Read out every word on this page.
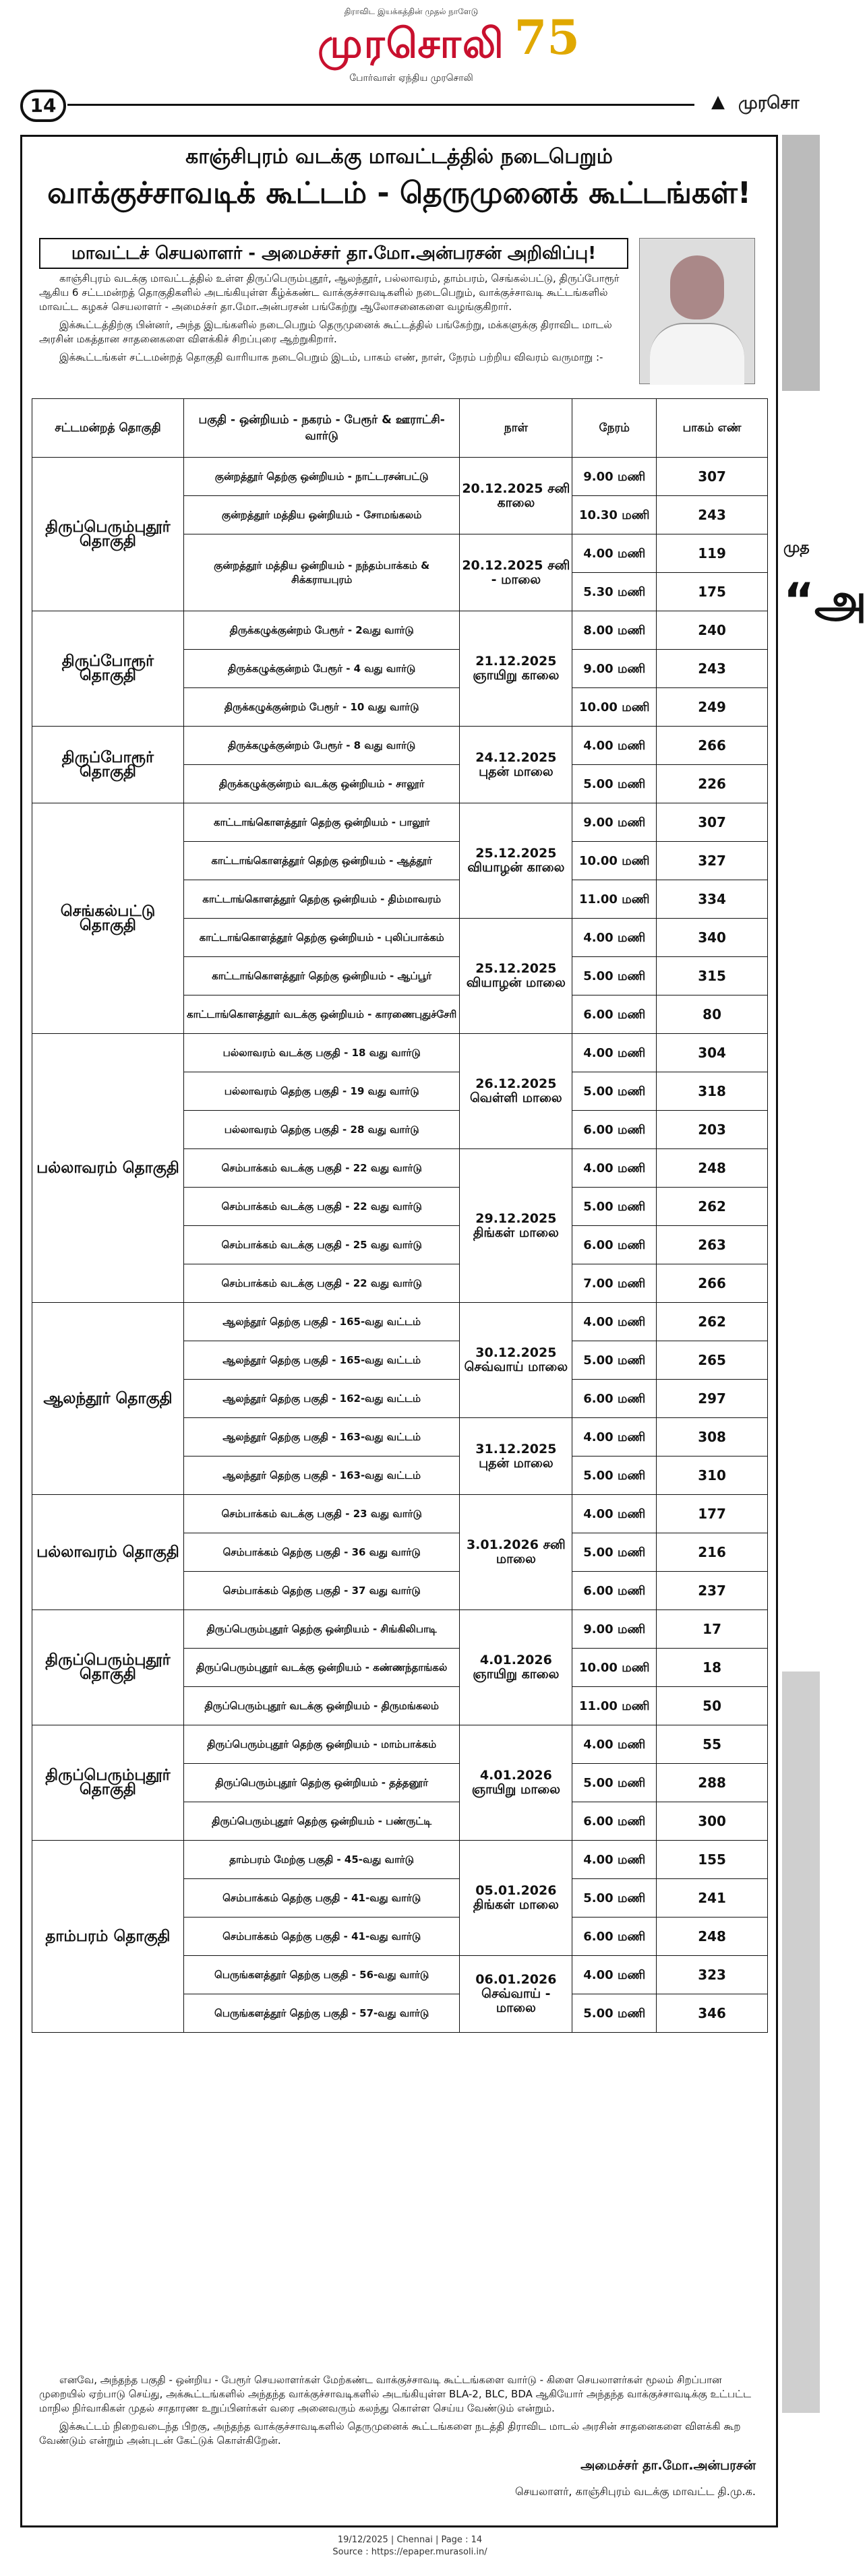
திராவிட இயக்கத்தின் முதல் நாளேடு
முரசொலி
போர்வாள் ஏந்திய முரசொலி
75
14	▲ முரசொ
காஞ்சிபுரம் வடக்கு மாவட்டத்தில் நடைபெறும்
வாக்குச்சாவடிக் கூட்டம் - தெருமுனைக் கூட்டங்கள்!
மாவட்டச் செயலாளர் - அமைச்சர் தா.மோ.அன்பரசன் அறிவிப்பு!

காஞ்சிபுரம் வடக்கு மாவட்டத்தில் உள்ள திருப்பெரும்புதூர், ஆலந்தூர், பல்லாவரம், தாம்பரம், செங்கல்பட்டு, திருப்போரூர் ஆகிய 6 சட்டமன்றத் தொகுதிகளில் அடங்கியுள்ள கீழ்க்கண்ட வாக்குச்சாவடிகளில் நடைபெறும், வாக்குச்சாவடி கூட்டங்களில் மாவட்ட கழகச் செயலாளர் - அமைச்சர் தா.மோ.அன்பரசன் பங்கேற்று ஆலோசனைகளை வழங்குகிறார்.

இக்கூட்டத்திற்கு பின்னர், அந்த இடங்களில் நடைபெறும் தெருமுனைக் கூட்டத்தில் பங்கேற்று, மக்களுக்கு திராவிட மாடல் அரசின் மகத்தான சாதனைகளை விளக்கிச் சிறப்புரை ஆற்றுகிறார்.

இக்கூட்டங்கள் சட்டமன்றத் தொகுதி வாரியாக நடைபெறும் இடம், பாகம் எண், நாள், நேரம் பற்றிய விவரம் வருமாறு :-

சட்டமன்றத் தொகுதி	பகுதி - ஒன்றியம் - நகரம் - பேரூர் & ஊராட்சி-வார்டு	நாள்	நேரம்	பாகம் எண்
திருப்பெரும்புதூர் தொகுதி	குன்றத்தூர் தெற்கு ஒன்றியம் - நாட்டரசன்பட்டு	20.12.2025 சனி காலை	9.00 மணி	307
	குன்றத்தூர் மத்திய ஒன்றியம் - சோமங்கலம்		10.30 மணி	243
	குன்றத்தூர் மத்திய ஒன்றியம் - நந்தம்பாக்கம் & சிக்கராயபுரம்	20.12.2025 சனி - மாலை	4.00 மணி	119
			5.30 மணி	175
திருப்போரூர் தொகுதி	திருக்கழுக்குன்றம் பேரூர் - 2வது வார்டு	21.12.2025 ஞாயிறு காலை	8.00 மணி	240
	திருக்கழுக்குன்றம் பேரூர் - 4 வது வார்டு		9.00 மணி	243
	திருக்கழுக்குன்றம் பேரூர் - 10 வது வார்டு		10.00 மணி	249
திருப்போரூர் தொகுதி	திருக்கழுக்குன்றம் பேரூர் - 8 வது வார்டு	24.12.2025 புதன் மாலை	4.00 மணி	266
	திருக்கழுக்குன்றம் வடக்கு ஒன்றியம் - சாலூர்		5.00 மணி	226
செங்கல்பட்டு தொகுதி	காட்டாங்கொளத்தூர் தெற்கு ஒன்றியம் - பாலூர்	25.12.2025 வியாழன் காலை	9.00 மணி	307
	காட்டாங்கொளத்தூர் தெற்கு ஒன்றியம் - ஆத்தூர்		10.00 மணி	327
	காட்டாங்கொளத்தூர் தெற்கு ஒன்றியம் - திம்மாவரம்		11.00 மணி	334
	காட்டாங்கொளத்தூர் தெற்கு ஒன்றியம் - புலிப்பாக்கம்	25.12.2025 வியாழன் மாலை	4.00 மணி	340
	காட்டாங்கொளத்தூர் தெற்கு ஒன்றியம் - ஆப்பூர்		5.00 மணி	315
	காட்டாங்கொளத்தூர் வடக்கு ஒன்றியம் - காரணைபுதுச்சேரி		6.00 மணி	80
பல்லாவரம் தொகுதி	பல்லாவரம் வடக்கு பகுதி - 18 வது வார்டு	26.12.2025 வெள்ளி மாலை	4.00 மணி	304
	பல்லாவரம் தெற்கு பகுதி - 19 வது வார்டு		5.00 மணி	318
	பல்லாவரம் தெற்கு பகுதி - 28 வது வார்டு		6.00 மணி	203
	செம்பாக்கம் வடக்கு பகுதி - 22 வது வார்டு	29.12.2025 திங்கள் மாலை	4.00 மணி	248
	செம்பாக்கம் வடக்கு பகுதி - 22 வது வார்டு		5.00 மணி	262
	செம்பாக்கம் வடக்கு பகுதி - 25 வது வார்டு		6.00 மணி	263
	செம்பாக்கம் வடக்கு பகுதி - 22 வது வார்டு		7.00 மணி	266
ஆலந்தூர் தொகுதி	ஆலந்தூர் தெற்கு பகுதி - 165-வது வட்டம்	30.12.2025 செவ்வாய் மாலை	4.00 மணி	262
	ஆலந்தூர் தெற்கு பகுதி - 165-வது வட்டம்		5.00 மணி	265
	ஆலந்தூர் தெற்கு பகுதி - 162-வது வட்டம்		6.00 மணி	297
	ஆலந்தூர் தெற்கு பகுதி - 163-வது வட்டம்	31.12.2025 புதன் மாலை	4.00 மணி	308
	ஆலந்தூர் தெற்கு பகுதி - 163-வது வட்டம்		5.00 மணி	310
பல்லாவரம் தொகுதி	செம்பாக்கம் வடக்கு பகுதி - 23 வது வார்டு	3.01.2026 சனி மாலை	4.00 மணி	177
	செம்பாக்கம் தெற்கு பகுதி - 36 வது வார்டு		5.00 மணி	216
	செம்பாக்கம் தெற்கு பகுதி - 37 வது வார்டு		6.00 மணி	237
திருப்பெரும்புதூர் தொகுதி	திருப்பெரும்புதூர் தெற்கு ஒன்றியம் - சிங்கிலிபாடி	4.01.2026 ஞாயிறு காலை	9.00 மணி	17
	திருப்பெரும்புதூர் வடக்கு ஒன்றியம் - கண்ணந்தாங்கல்		10.00 மணி	18
	திருப்பெரும்புதூர் வடக்கு ஒன்றியம் - திருமங்கலம்		11.00 மணி	50
திருப்பெரும்புதூர் தொகுதி	திருப்பெரும்புதூர் தெற்கு ஒன்றியம் - மாம்பாக்கம்	4.01.2026 ஞாயிறு மாலை	4.00 மணி	55
	திருப்பெரும்புதூர் தெற்கு ஒன்றியம் - தத்தனூர்		5.00 மணி	288
	திருப்பெரும்புதூர் தெற்கு ஒன்றியம் - பண்ருட்டி		6.00 மணி	300
தாம்பரம் தொகுதி	தாம்பரம் மேற்கு பகுதி - 45-வது வார்டு	05.01.2026 திங்கள் மாலை	4.00 மணி	155
	செம்பாக்கம் தெற்கு பகுதி - 41-வது வார்டு		5.00 மணி	241
	செம்பாக்கம் தெற்கு பகுதி - 41-வது வார்டு		6.00 மணி	248
	பெருங்களத்தூர் தெற்கு பகுதி - 56-வது வார்டு	06.01.2026 செவ்வாய் - மாலை	4.00 மணி	323
	பெருங்களத்தூர் தெற்கு பகுதி - 57-வது வார்டு		5.00 மணி	346

எனவே, அந்தந்த பகுதி - ஒன்றிய - பேரூர் செயலாளர்கள் மேற்கண்ட வாக்குச்சாவடி கூட்டங்களை வார்டு - கிளை செயலாளர்கள் மூலம் சிறப்பான முறையில் ஏற்பாடு செய்து, அக்கூட்டங்களில் அந்தந்த வாக்குச்சாவடிகளில் அடங்கியுள்ள BLA-2, BLC, BDA ஆகியோர் அந்தந்த வாக்குச்சாவடிக்கு உட்பட்ட மாநில நிர்வாகிகள் முதல் சாதாரண உறுப்பினர்கள் வரை அனைவரும் கலந்து கொள்ள செய்ய வேண்டும் என்றும்.

இக்கூட்டம் நிறைவடைந்த பிறகு, அந்தந்த வாக்குச்சாவடிகளில் தெருமுனைக் கூட்டங்களை நடத்தி திராவிட மாடல் அரசின் சாதனைகளை விளக்கி கூற வேண்டும் என்றும் அன்புடன் கேட்டுக் கொள்கிறேன்.

அமைச்சர் தா.மோ.அன்பரசன்
செயலாளர், காஞ்சிபுரம் வடக்கு மாவட்ட தி.மு.க.
முத
“அ
19/12/2025 | Chennai | Page : 14
Source : https://epaper.murasoli.in/
